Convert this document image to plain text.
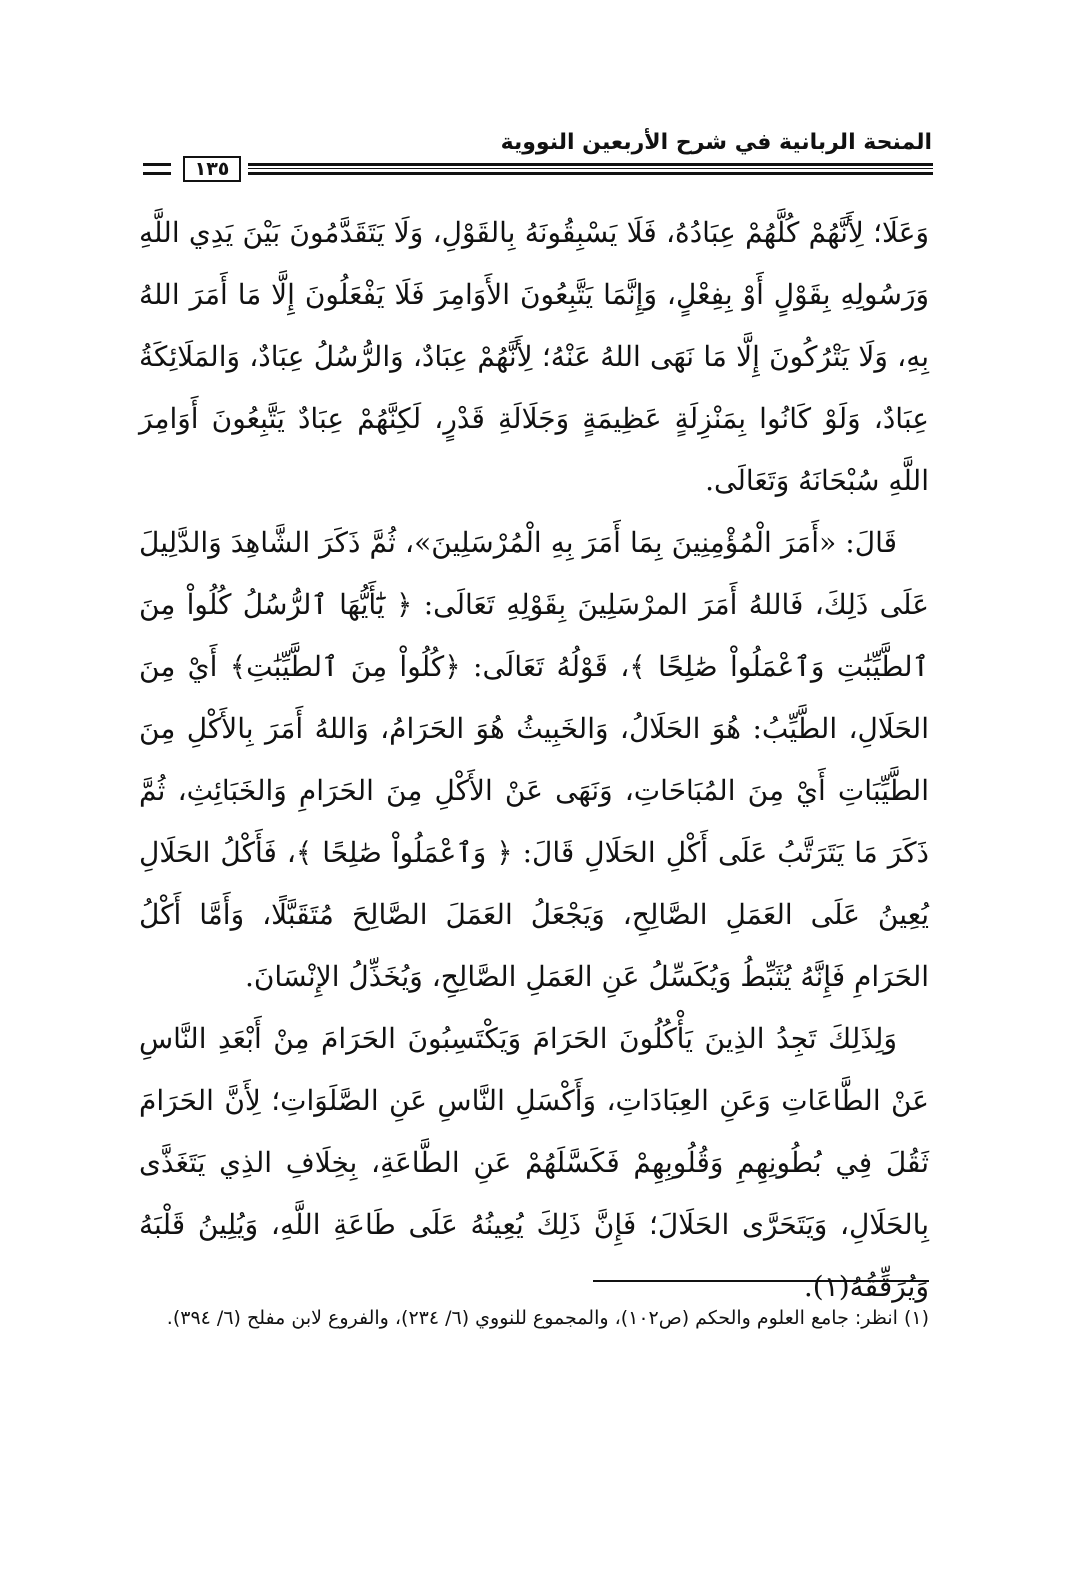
المنحة الربانية في شرح الأربعين النووية
١٣٥

وَعَلَا؛ لِأَنَّهُمْ كُلَّهُمْ عِبَادُهُ، فَلَا يَسْبِقُونَهُ بِالقَوْلِ، وَلَا يَتَقَدَّمُونَ بَيْنَ يَدِي اللَّهِ وَرَسُولِهِ بِقَوْلٍ أَوْ بِفِعْلٍ، وَإِنَّمَا يَتَّبِعُونَ الأَوَامِرَ فَلَا يَفْعَلُونَ إِلَّا مَا أَمَرَ اللهُ بِهِ، وَلَا يَتْرُكُونَ إِلَّا مَا نَهَى اللهُ عَنْهُ؛ لِأَنَّهُمْ عِبَادٌ، وَالرُّسُلُ عِبَادٌ، وَالمَلَائِكَةُ عِبَادٌ، وَلَوْ كَانُوا بِمَنْزِلَةٍ عَظِيمَةٍ وَجَلَالَةِ قَدْرٍ، لَكِنَّهُمْ عِبَادٌ يَتَّبِعُونَ أَوَامِرَ اللَّهِ سُبْحَانَهُ وَتَعَالَى.

قَالَ: «أَمَرَ الْمُؤْمِنِينَ بِمَا أَمَرَ بِهِ الْمُرْسَلِينَ»، ثُمَّ ذَكَرَ الشَّاهِدَ وَالدَّلِيلَ عَلَى ذَلِكَ، فَاللهُ أَمَرَ المرْسَلِينَ بِقَوْلِهِ تَعَالَى: ﴿ يَٰٓأَيُّهَا ٱلرُّسُلُ كُلُواْ مِنَ ٱلطَّيِّبَٰتِ وَٱعْمَلُواْ صَٰلِحًا ﴾، قَوْلُهُ تَعَالَى: ﴿كُلُواْ مِنَ ٱلطَّيِّبَٰتِ﴾ أَيْ مِنَ الحَلَالِ، الطَّيِّبُ: هُوَ الحَلَالُ، وَالخَبِيثُ هُوَ الحَرَامُ، وَاللهُ أَمَرَ بِالأَكْلِ مِنَ الطَّيِّبَاتِ أَيْ مِنَ المُبَاحَاتِ، وَنَهَى عَنْ الأَكْلِ مِنَ الحَرَامِ وَالخَبَائِثِ، ثُمَّ ذَكَرَ مَا يَتَرَتَّبُ عَلَى أَكْلِ الحَلَالِ قَالَ: ﴿ وَٱعْمَلُواْ صَٰلِحًا ﴾، فَأَكْلُ الحَلَالِ يُعِينُ عَلَى العَمَلِ الصَّالِحِ، وَيَجْعَلُ العَمَلَ الصَّالِحَ مُتَقَبَّلًا، وَأَمَّا أَكْلُ الحَرَامِ فَإِنَّهُ يُثَبِّطُ وَيُكَسِّلُ عَنِ العَمَلِ الصَّالِحِ، وَيُخَذِّلُ الإِنْسَانَ.

وَلِذَلِكَ تَجِدُ الذِينَ يَأْكُلُونَ الحَرَامَ وَيَكْتَسِبُونَ الحَرَامَ مِنْ أَبْعَدِ النَّاسِ عَنْ الطَّاعَاتِ وَعَنِ العِبَادَاتِ، وَأَكْسَلِ النَّاسِ عَنِ الصَّلَوَاتِ؛ لِأَنَّ الحَرَامَ ثَقُلَ فِي بُطُونِهِمِ وَقُلُوبِهِمْ فَكَسَّلَهُمْ عَنِ الطَّاعَةِ، بِخِلَافِ الذِي يَتَغَذَّى بِالحَلَالِ، وَيَتَحَرَّى الحَلَالَ؛ فَإِنَّ ذَلِكَ يُعِينُهُ عَلَى طَاعَةِ اللَّهِ، وَيُلِينُ قَلْبَهُ وَيُرَقِّقُهُ(١).

(١) انظر: جامع العلوم والحكم (ص١٠٢)، والمجموع للنووي (٦/ ٢٣٤)، والفروع لابن مفلح (٦/ ٣٩٤).
